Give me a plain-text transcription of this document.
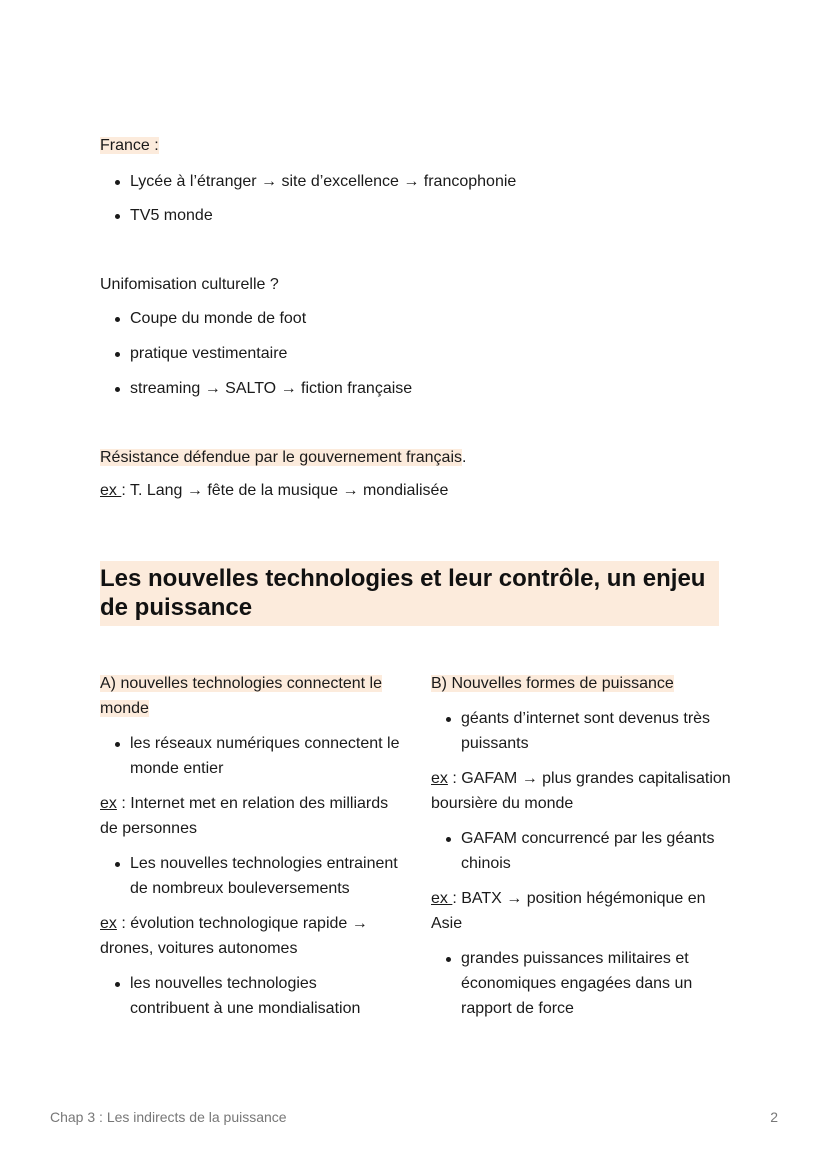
France :
Lycée à l’étranger → site d’excellence → francophonie
TV5 monde
Unifomisation culturelle ?
Coupe du monde de foot
pratique vestimentaire
streaming → SALTO → fiction française
Résistance défendue par le gouvernement français.
ex : T. Lang → fête de la musique → mondialisée
Les nouvelles technologies et leur contrôle, un enjeu de puissance

A) nouvelles technologies connectent le monde

les réseaux numériques connectent le monde entier

ex : Internet met en relation des milliards de personnes

Les nouvelles technologies entrainent de nombreux bouleversements

ex : évolution technologique rapide → drones, voitures autonomes

les nouvelles technologies contribuent à une mondialisation

B) Nouvelles formes de puissance

géants d’internet sont devenus très puissants

ex : GAFAM → plus grandes capitalisation boursière du monde

GAFAM concurrencé par les géants chinois

ex : BATX → position hégémonique en Asie

grandes puissances militaires et économiques engagées dans un rapport de force
Chap 3 : Les indirects de la puissance	2
